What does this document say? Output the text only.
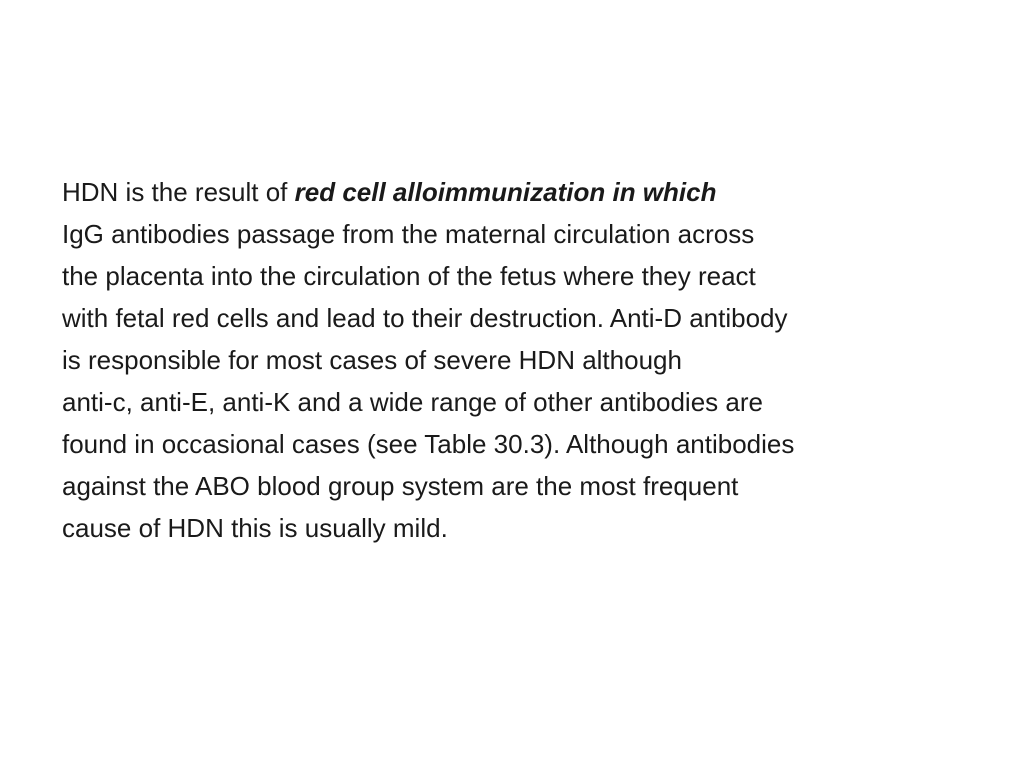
HDN is the result of red cell alloimmunization in which

IgG antibodies passage from the maternal circulation across

the placenta into the circulation of the fetus where they react

with fetal red cells and lead to their destruction. Anti-D antibody

is responsible for most cases of severe HDN although

anti-c, anti-E, anti-K and a wide range of other antibodies are

found in occasional cases (see Table 30.3). Although antibodies

against the ABO blood group system are the most frequent

cause of HDN this is usually mild.
